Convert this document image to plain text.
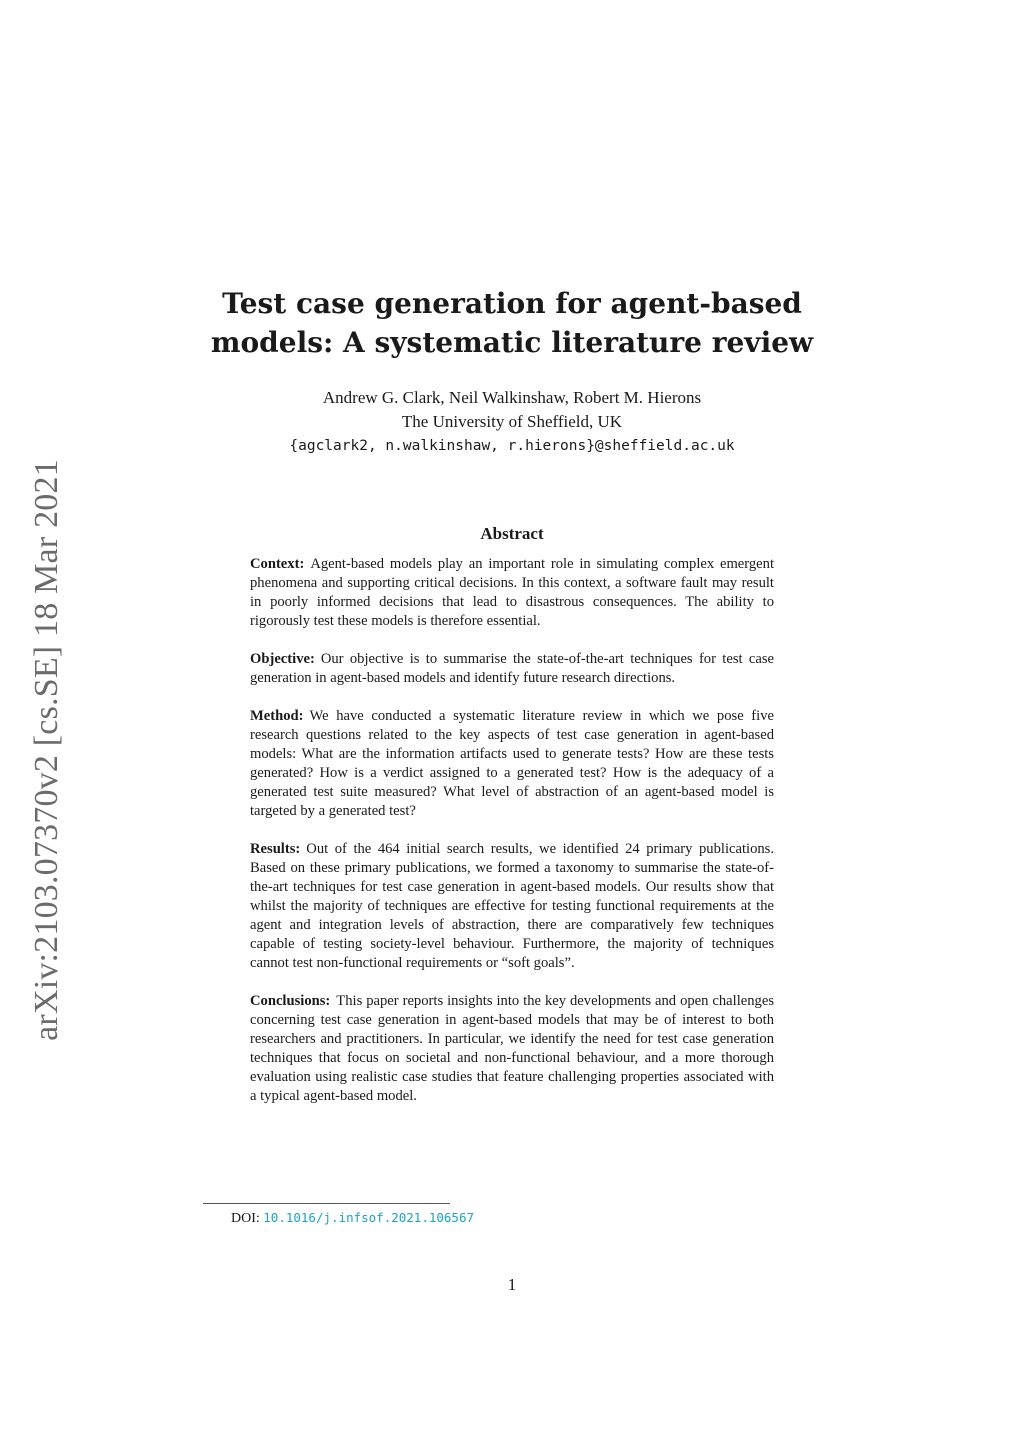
arXiv:2103.07370v2 [cs.SE] 18 Mar 2021
Test case generation for agent-based
models: A systematic literature review
Andrew G. Clark, Neil Walkinshaw, Robert M. Hierons
The University of Sheffield, UK
{agclark2, n.walkinshaw, r.hierons}@sheffield.ac.uk
Abstract

Context: Agent-based models play an important role in simulating complex emergent phenomena and supporting critical decisions. In this context, a software fault may result in poorly informed decisions that lead to disastrous consequences. The ability to rigorously test these models is therefore essential.

Objective: Our objective is to summarise the state-of-the-art techniques for test case generation in agent-based models and identify future research directions.

Method: We have conducted a systematic literature review in which we pose five research questions related to the key aspects of test case generation in agent-based models: What are the information artifacts used to generate tests? How are these tests generated? How is a verdict assigned to a generated test? How is the adequacy of a generated test suite measured? What level of abstraction of an agent-based model is targeted by a generated test?

Results: Out of the 464 initial search results, we identified 24 primary publications. Based on these primary publications, we formed a taxonomy to summarise the state-of-the-art techniques for test case generation in agent-based models. Our results show that whilst the majority of techniques are effective for testing functional requirements at the agent and integration levels of abstraction, there are comparatively few techniques capable of testing society-level behaviour. Furthermore, the majority of techniques cannot test non-functional requirements or “soft goals”.

Conclusions: This paper reports insights into the key developments and open challenges concerning test case generation in agent-based models that may be of interest to both researchers and practitioners. In particular, we identify the need for test case generation techniques that focus on societal and non-functional behaviour, and a more thorough evaluation using realistic case studies that feature challenging properties associated with a typical agent-based model.

DOI: 10.1016/j.infsof.2021.106567
1
